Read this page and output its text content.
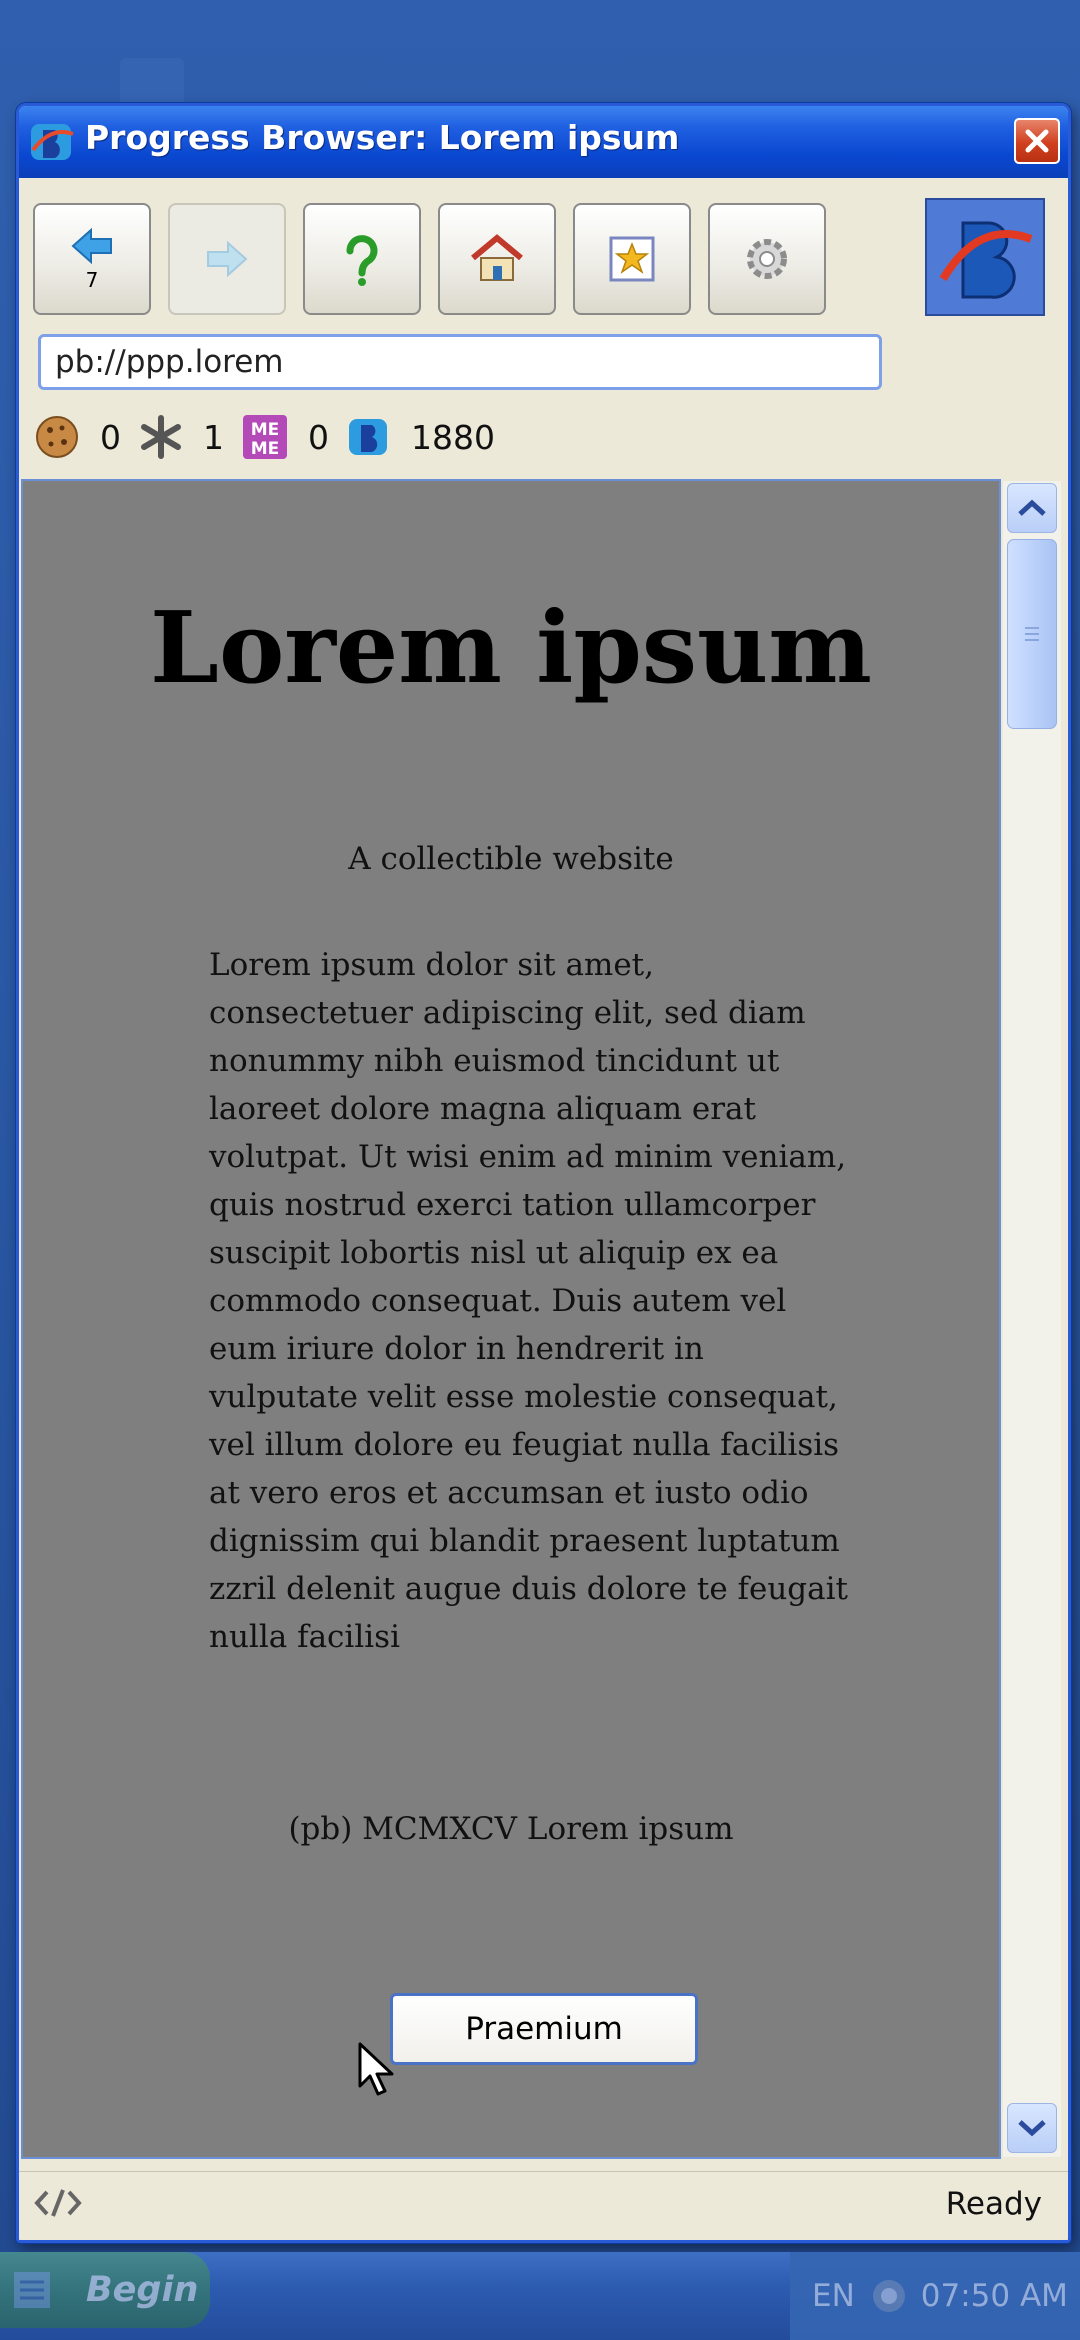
Progress Browser: Lorem ipsum
7
pb://ppp.lorem
0 1 ME
ME 0 1880
Lorem ipsum
A collectible website
Lorem ipsum dolor sit amet, consectetuer adipiscing elit, sed diam nonummy nibh euismod tincidunt ut laoreet dolore magna aliquam erat volutpat. Ut wisi enim ad minim veniam, quis nostrud exerci tation ullamcorper suscipit lobortis nisl ut aliquip ex ea commodo consequat. Duis autem vel eum iriure dolor in hendrerit in vulputate velit esse molestie consequat, vel illum dolore eu feugiat nulla facilisis at vero eros et accumsan et iusto odio dignissim qui blandit praesent luptatum zzril delenit augue duis dolore te feugait nulla facilisi
(pb) MCMXCV Lorem ipsum
Praemium
Ready
Begin	EN 07:50 AM
